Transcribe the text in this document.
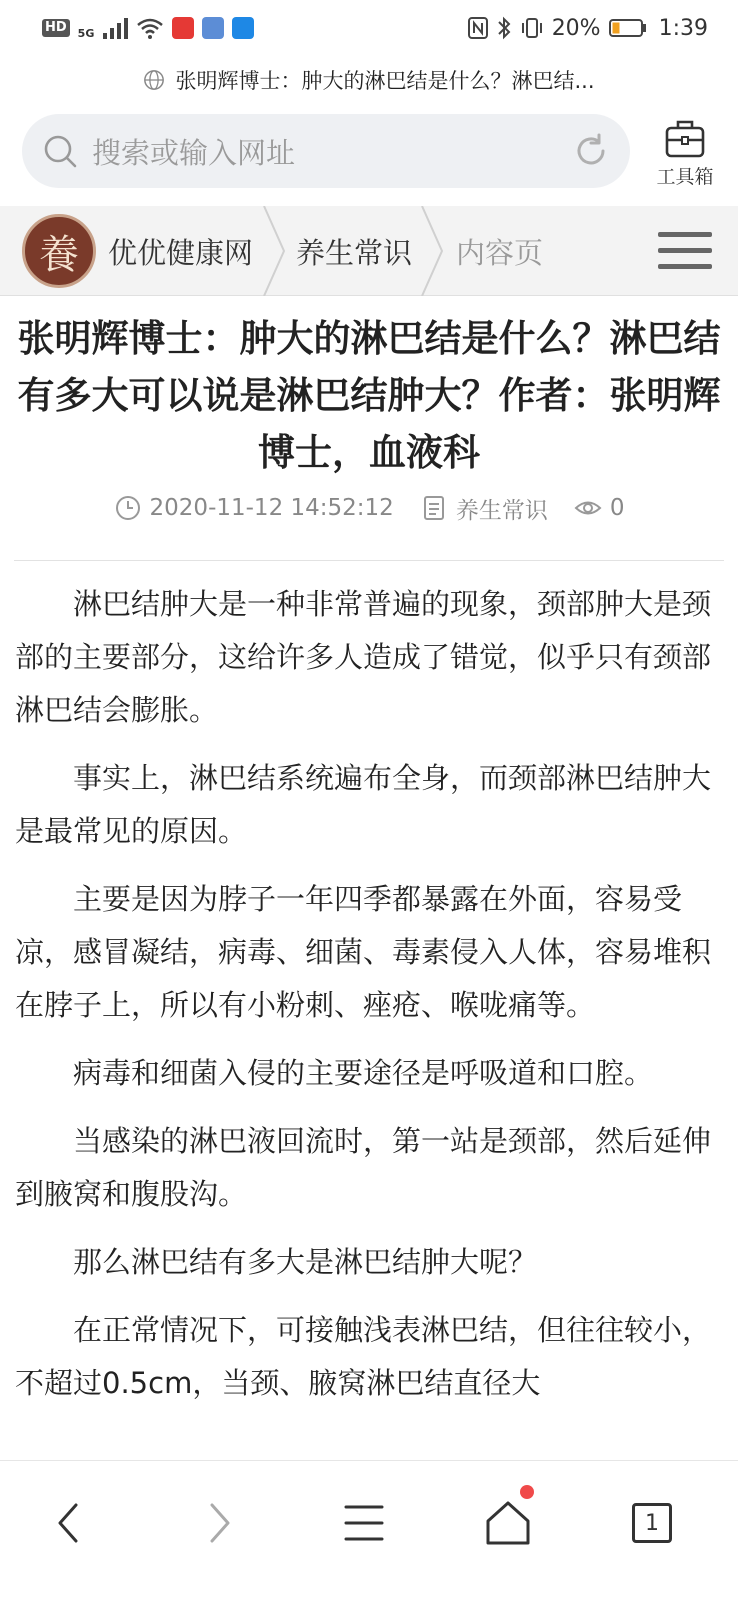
HD 5G	20%	1:39
张明辉博士：肿大的淋巴结是什么？淋巴结...
搜索或输入网址
工具箱
養 优优健康网 养生常识 内容页
张明辉博士：肿大的淋巴结是什么？淋巴结有多大可以说是淋巴结肿大？作者：张明辉博士，血液科
2020-11-12 14:52:12	养生常识	0

淋巴结肿大是一种非常普遍的现象，颈部肿大是颈部的主要部分，这给许多人造成了错觉，似乎只有颈部淋巴结会膨胀。

事实上，淋巴结系统遍布全身，而颈部淋巴结肿大是最常见的原因。

主要是因为脖子一年四季都暴露在外面，容易受凉，感冒凝结，病毒、细菌、毒素侵入人体，容易堆积在脖子上，所以有小粉刺、痤疮、喉咙痛等。

病毒和细菌入侵的主要途径是呼吸道和口腔。

当感染的淋巴液回流时，第一站是颈部，然后延伸到腋窝和腹股沟。

那么淋巴结有多大是淋巴结肿大呢？

在正常情况下，可接触浅表淋巴结，但往往较小，不超过0.5cm，当颈、腋窝淋巴结直径大

1
